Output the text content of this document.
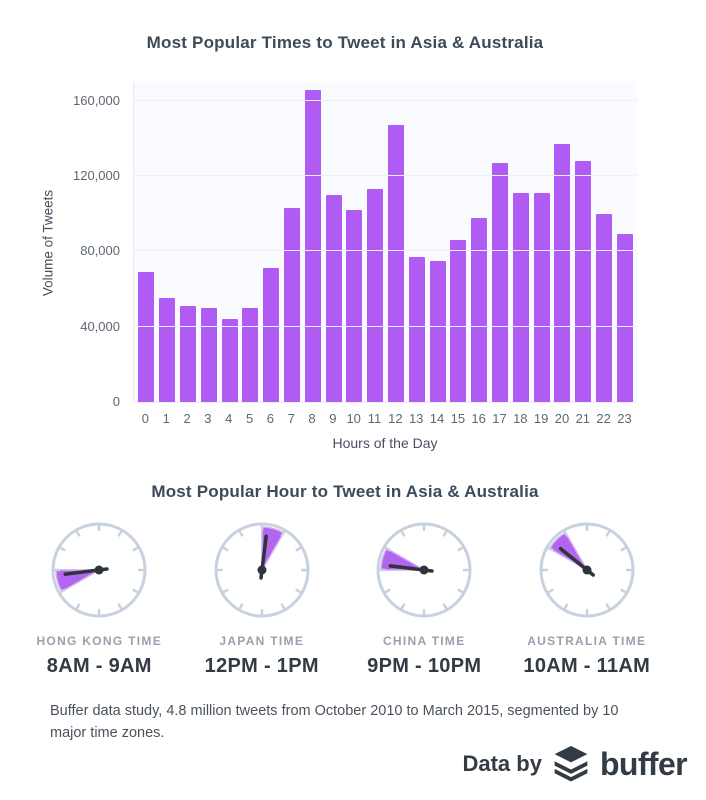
Most Popular Times to Tweet in Asia & Australia
Volume of Tweets
0
40,000
80,000
120,000
160,000
0	1	2	3	4	5	6	7	8	9 10 11 12 13 14 15 16 17 18 19 20 21 22 23
Hours of the Day
Most Popular Hour to Tweet in Asia & Australia
HONG KONG TIME
8AM - 9AM
JAPAN TIME
12PM - 1PM
CHINA TIME
9PM - 10PM
AUSTRALIA TIME
10AM - 11AM

Buffer data study, 4.8 million tweets from October 2010 to March 2015, segmented by 10 major time zones.

Data by buffer
